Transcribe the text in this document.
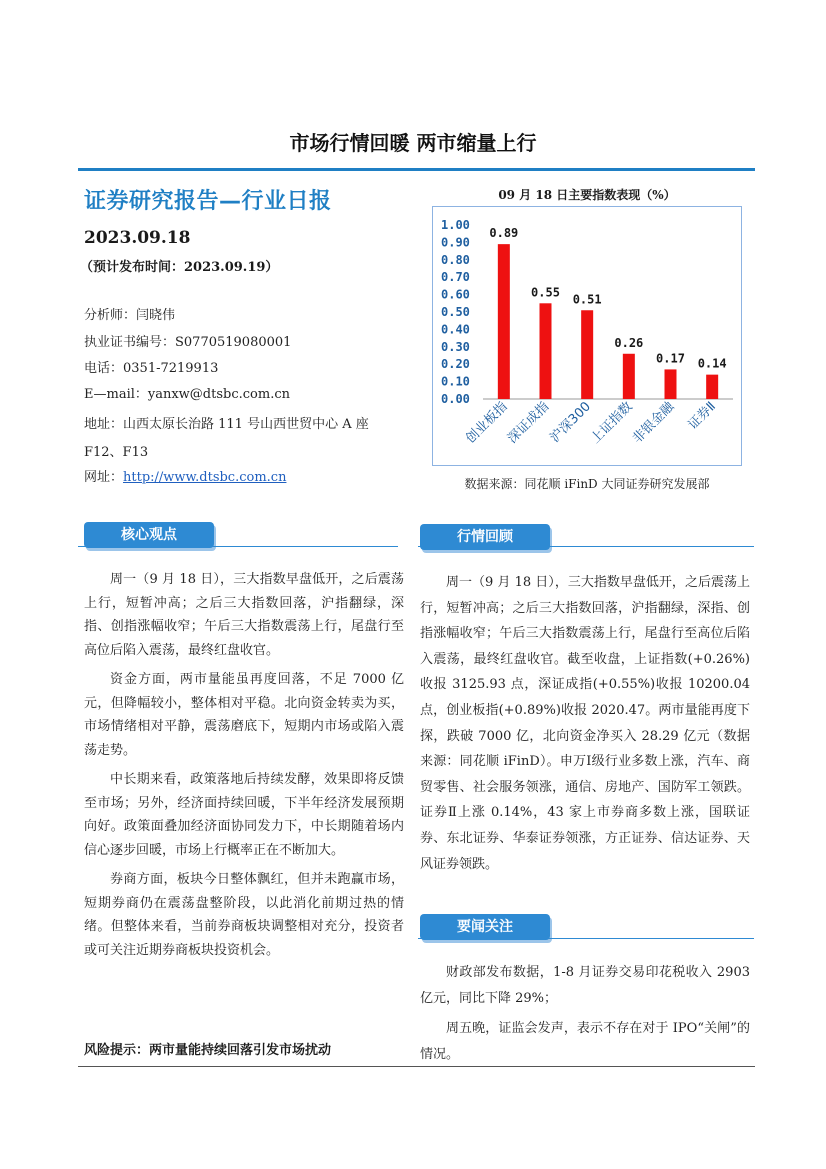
市场行情回暖 两市缩量上行
证券研究报告—行业日报
2023.09.18
（预计发布时间：2023.09.19）
分析师：闫晓伟
执业证书编号：S0770519080001
电话：0351-7219913
E—mail：yanxw@dtsbc.com.cn
地址：山西太原长治路 111 号山西世贸中心 A 座
F12、F13
网址：http://www.dtsbc.com.cn
09 月 18 日主要指数表现（%）
0.00
0.10
0.20
0.30
0.40
0.50
0.60
0.70
0.80
0.90
1.00
0.89
创业板指
0.55
深证成指
0.51
沪深300
0.26
上证指数
0.17
非银金融
0.14
证券Ⅱ
数据来源：同花顺 iFinD 大同证券研究发展部
核心观点

周一（9 月 18 日），三大指数早盘低开，之后震荡上行，短暂冲高；之后三大指数回落，沪指翻绿，深指、创指涨幅收窄；午后三大指数震荡上行，尾盘行至高位后陷入震荡，最终红盘收官。

资金方面，两市量能虽再度回落，不足 7000 亿元，但降幅较小，整体相对平稳。北向资金转卖为买，市场情绪相对平静，震荡磨底下，短期内市场或陷入震荡走势。

中长期来看，政策落地后持续发酵，效果即将反馈至市场；另外，经济面持续回暖，下半年经济发展预期向好。政策面叠加经济面协同发力下，中长期随着场内信心逐步回暖，市场上行概率正在不断加大。

券商方面，板块今日整体飘红，但并未跑赢市场，短期券商仍在震荡盘整阶段，以此消化前期过热的情绪。但整体来看，当前券商板块调整相对充分，投资者或可关注近期券商板块投资机会。

风险提示：两市量能持续回落引发市场扰动
行情回顾

周一（9 月 18 日），三大指数早盘低开，之后震荡上行，短暂冲高；之后三大指数回落，沪指翻绿，深指、创指涨幅收窄；午后三大指数震荡上行，尾盘行至高位后陷入震荡，最终红盘收官。截至收盘，上证指数(+0.26%)收报 3125.93 点，深证成指(+0.55%)收报 10200.04 点，创业板指(+0.89%)收报 2020.47。两市量能再度下探，跌破 7000 亿，北向资金净买入 28.29 亿元（数据来源：同花顺 iFinD）。申万Ⅰ级行业多数上涨，汽车、商贸零售、社会服务领涨，通信、房地产、国防军工领跌。证券Ⅱ上涨 0.14%，43 家上市券商多数上涨，国联证券、东北证券、华泰证券领涨，方正证券、信达证券、天风证券领跌。

要闻关注

财政部发布数据，1-8 月证券交易印花税收入 2903 亿元，同比下降 29%；

周五晚，证监会发声，表示不存在对于 IPO“关闸”的情况。
